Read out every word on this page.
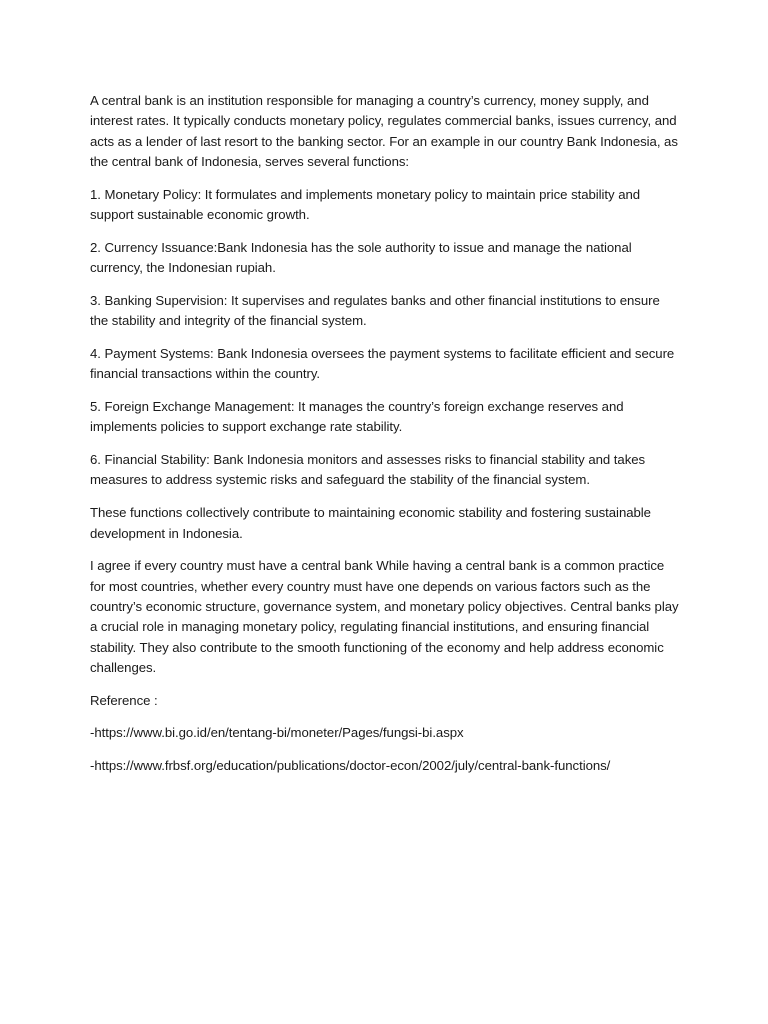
A central bank is an institution responsible for managing a country’s currency, money supply, and interest rates. It typically conducts monetary policy, regulates commercial banks, issues currency, and acts as a lender of last resort to the banking sector. For an example in our country Bank Indonesia, as the central bank of Indonesia, serves several functions:

1. Monetary Policy: It formulates and implements monetary policy to maintain price stability and support sustainable economic growth.

2. Currency Issuance:Bank Indonesia has the sole authority to issue and manage the national currency, the Indonesian rupiah.

3. Banking Supervision: It supervises and regulates banks and other financial institutions to ensure the stability and integrity of the financial system.

4. Payment Systems: Bank Indonesia oversees the payment systems to facilitate efficient and secure financial transactions within the country.

5. Foreign Exchange Management: It manages the country’s foreign exchange reserves and implements policies to support exchange rate stability.

6. Financial Stability: Bank Indonesia monitors and assesses risks to financial stability and takes measures to address systemic risks and safeguard the stability of the financial system.

These functions collectively contribute to maintaining economic stability and fostering sustainable development in Indonesia.

I agree if every country must have a central bank While having a central bank is a common practice for most countries, whether every country must have one depends on various factors such as the country’s economic structure, governance system, and monetary policy objectives. Central banks play a crucial role in managing monetary policy, regulating financial institutions, and ensuring financial stability. They also contribute to the smooth functioning of the economy and help address economic challenges.

Reference :

-https://www.bi.go.id/en/tentang-bi/moneter/Pages/fungsi-bi.aspx

-https://www.frbsf.org/education/publications/doctor-econ/2002/july/central-bank-functions/
